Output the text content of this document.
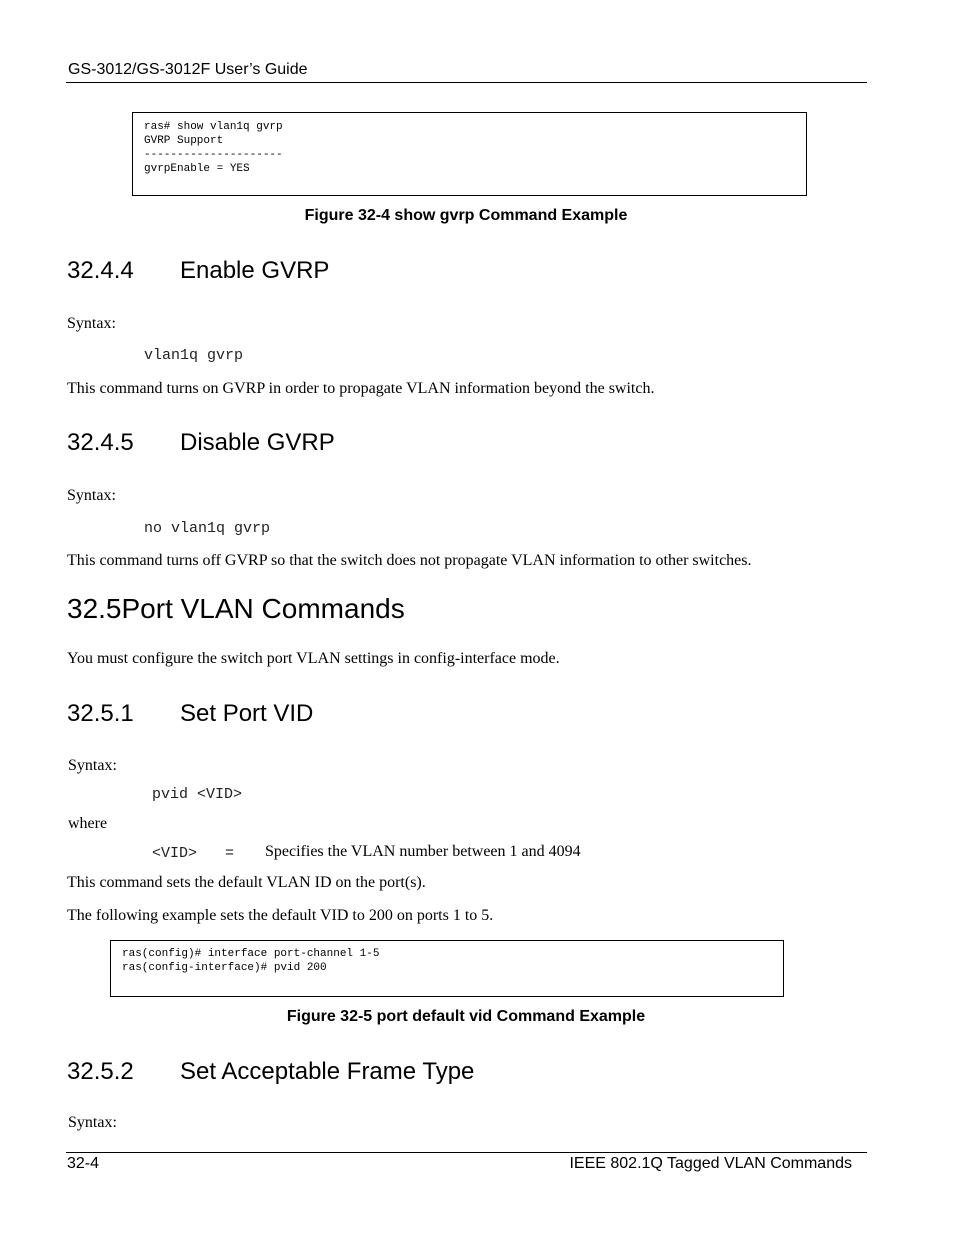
GS-3012/GS-3012F User’s Guide
ras# show vlan1q gvrp
GVRP Support
---------------------
gvrpEnable = YES
Figure 32-4 show gvrp Command Example
32.4.4 Enable GVRP
Syntax:
vlan1q gvrp
This command turns on GVRP in order to propagate VLAN information beyond the switch.
32.4.5 Disable GVRP
Syntax:
no vlan1q gvrp
This command turns off GVRP so that the switch does not propagate VLAN information to other switches.
32.5Port VLAN Commands
You must configure the switch port VLAN settings in config-interface mode.
32.5.1 Set Port VID
Syntax:
pvid <VID>
where
<VID> = Specifies the VLAN number between 1 and 4094
This command sets the default VLAN ID on the port(s).
The following example sets the default VID to 200 on ports 1 to 5.
ras(config)# interface port-channel 1-5
ras(config-interface)# pvid 200
Figure 32-5 port default vid Command Example
32.5.2 Set Acceptable Frame Type
Syntax:
32-4	IEEE 802.1Q Tagged VLAN Commands
